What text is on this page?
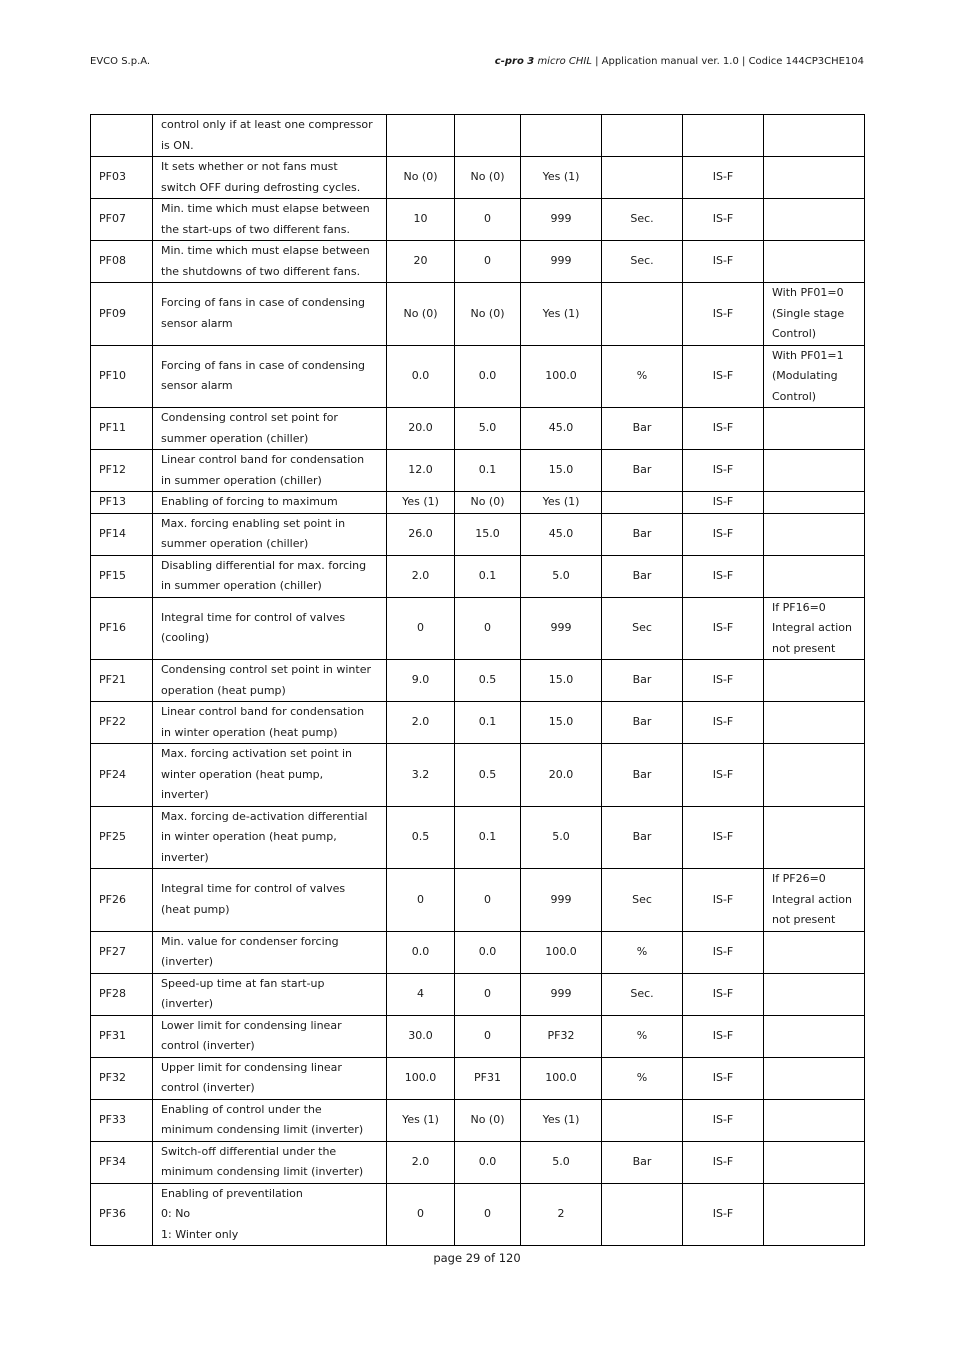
EVCO S.p.A.	c-pro 3 micro CHIL | Application manual ver. 1.0 | Codice 144CP3CHE104
	control only if at least one compressor
is ON.						
PF03	It sets whether or not fans must
switch OFF during defrosting cycles.	No (0)	No (0)	Yes (1)		IS-F	
PF07	Min. time which must elapse between
the start-ups of two different fans.	10	0	999	Sec.	IS-F	
PF08	Min. time which must elapse between
the shutdowns of two different fans.	20	0	999	Sec.	IS-F	
PF09	Forcing of fans in case of condensing
sensor alarm	No (0)	No (0)	Yes (1)		IS-F	With PF01=0
(Single stage
Control)
PF10	Forcing of fans in case of condensing
sensor alarm	0.0	0.0	100.0	%	IS-F	With PF01=1
(Modulating
Control)
PF11	Condensing control set point for
summer operation (chiller)	20.0	5.0	45.0	Bar	IS-F	
PF12	Linear control band for condensation
in summer operation (chiller)	12.0	0.1	15.0	Bar	IS-F	
PF13	Enabling of forcing to maximum	Yes (1)	No (0)	Yes (1)		IS-F	
PF14	Max. forcing enabling set point in
summer operation (chiller)	26.0	15.0	45.0	Bar	IS-F	
PF15	Disabling differential for max. forcing
in summer operation (chiller)	2.0	0.1	5.0	Bar	IS-F	
PF16	Integral time for control of valves
(cooling)	0	0	999	Sec	IS-F	If PF16=0
Integral action
not present
PF21	Condensing control set point in winter
operation (heat pump)	9.0	0.5	15.0	Bar	IS-F	
PF22	Linear control band for condensation
in winter operation (heat pump)	2.0	0.1	15.0	Bar	IS-F	
PF24	Max. forcing activation set point in
winter operation (heat pump,
inverter)	3.2	0.5	20.0	Bar	IS-F	
PF25	Max. forcing de-activation differential
in winter operation (heat pump,
inverter)	0.5	0.1	5.0	Bar	IS-F	
PF26	Integral time for control of valves
(heat pump)	0	0	999	Sec	IS-F	If PF26=0
Integral action
not present
PF27	Min. value for condenser forcing
(inverter)	0.0	0.0	100.0	%	IS-F	
PF28	Speed-up time at fan start-up
(inverter)	4	0	999	Sec.	IS-F	
PF31	Lower limit for condensing linear
control (inverter)	30.0	0	PF32	%	IS-F	
PF32	Upper limit for condensing linear
control (inverter)	100.0	PF31	100.0	%	IS-F	
PF33	Enabling of control under the
minimum condensing limit (inverter)	Yes (1)	No (0)	Yes (1)		IS-F	
PF34	Switch-off differential under the
minimum condensing limit (inverter)	2.0	0.0	5.0	Bar	IS-F	
PF36	Enabling of preventilation
0: No
1: Winter only	0	0	2		IS-F	
page 29 of 120
